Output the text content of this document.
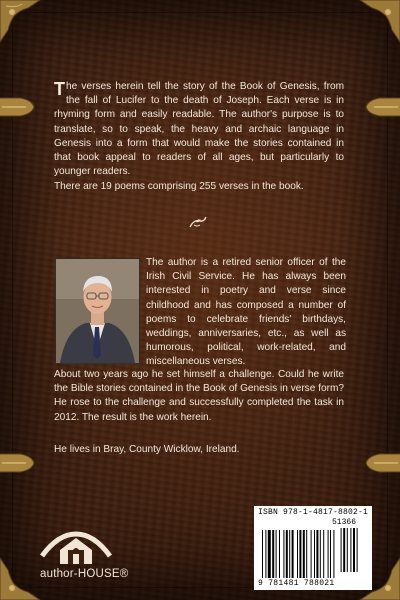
The verses herein tell the story of the Book of Genesis, from the fall of Lucifer to the death of Joseph. Each verse is in rhyming form and easily readable. The author's purpose is to translate, so to speak, the heavy and archaic language in Genesis into a form that would make the stories contained in that book appeal to readers of all ages, but particularly to younger readers.

There are 19 poems comprising 255 verses in the book.

The author is a retired senior officer of the Irish Civil Service. He has always been interested in poetry and verse since childhood and has composed a number of poems to celebrate friends' birthdays, weddings, anniversaries, etc., as well as humorous, political, work-related, and miscellaneous verses.

About two years ago he set himself a challenge. Could he write the Bible stories contained in the Book of Genesis in verse form? He rose to the challenge and successfully completed the task in 2012. The result is the work herein.

He lives in Bray, County Wicklow, Ireland.

author-HOUSE®
ISBN 978-1-4817-8802-1
51366
9 781481 788021
